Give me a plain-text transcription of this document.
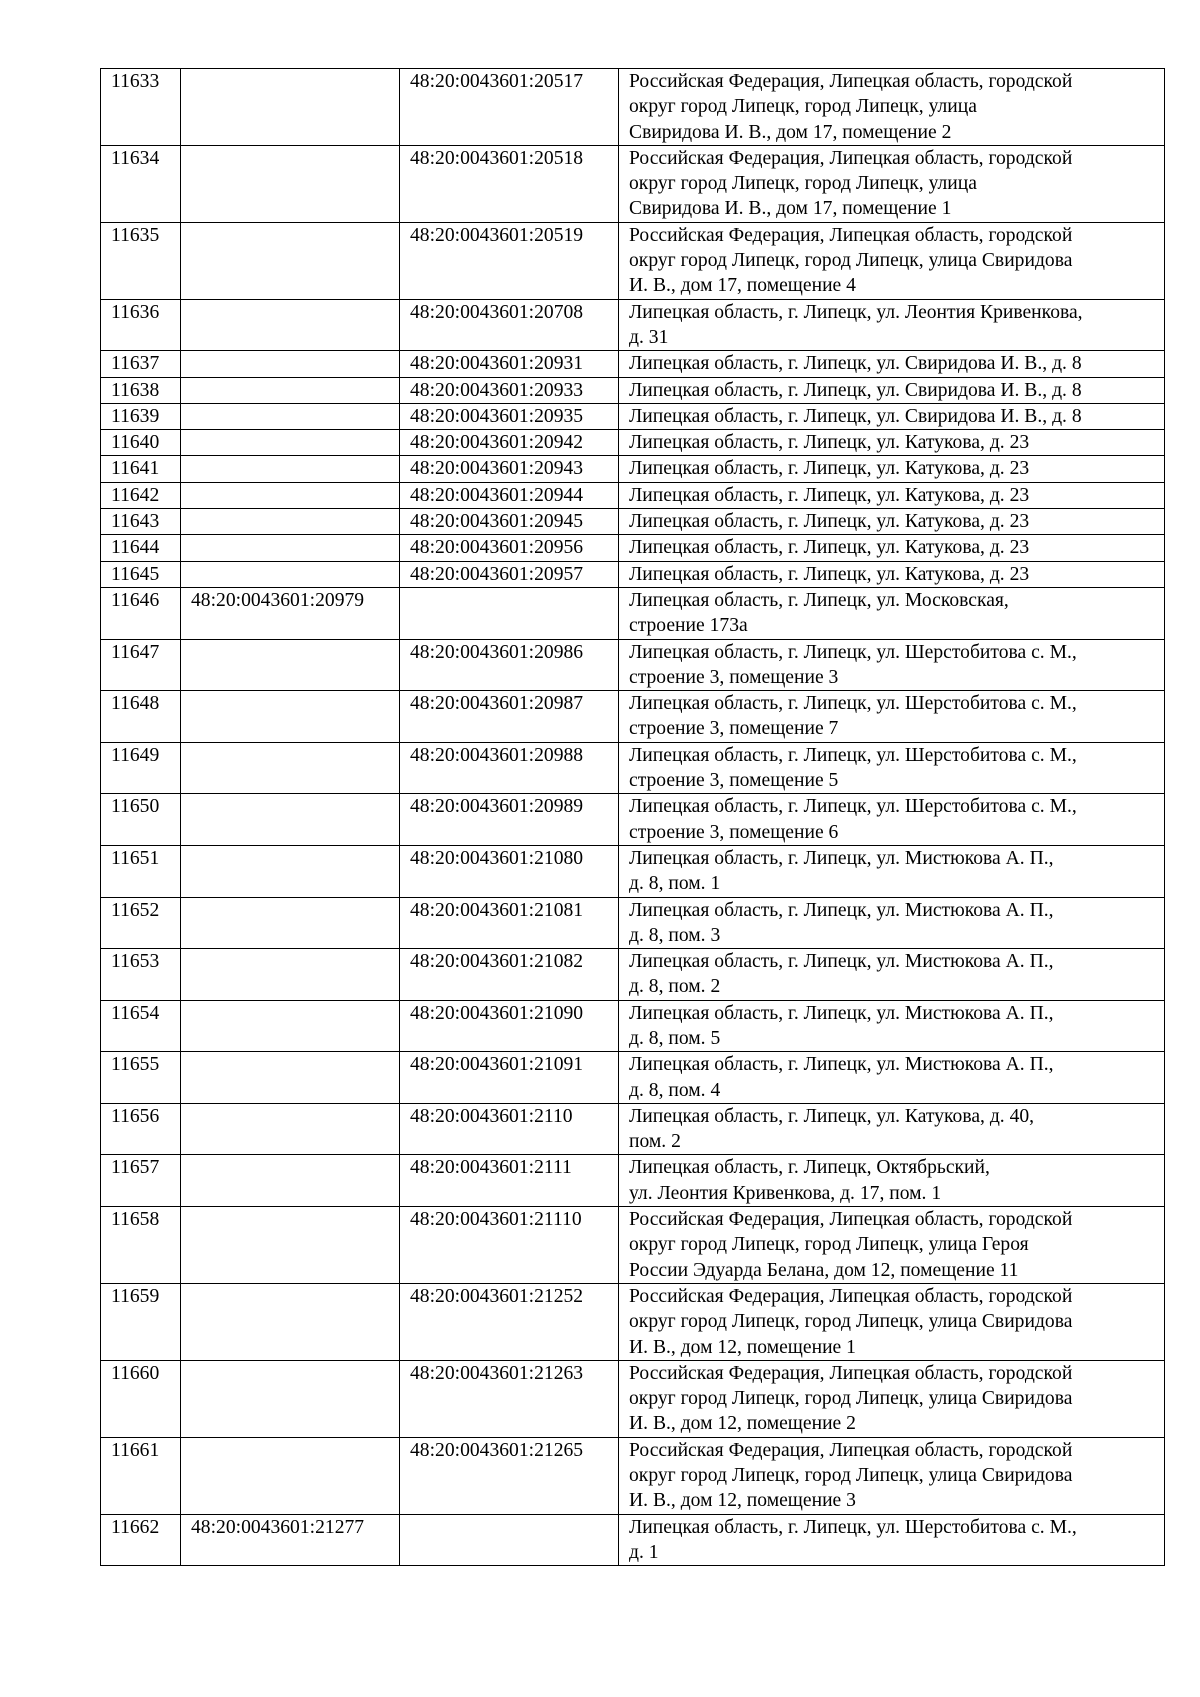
11633		48:20:0043601:20517	Российская Федерация, Липецкая область, городской
округ город Липецк, город Липецк, улица
Свиридова И. В., дом 17, помещение 2
11634		48:20:0043601:20518	Российская Федерация, Липецкая область, городской
округ город Липецк, город Липецк, улица
Свиридова И. В., дом 17, помещение 1
11635		48:20:0043601:20519	Российская Федерация, Липецкая область, городской
округ город Липецк, город Липецк, улица Свиридова
И. В., дом 17, помещение 4
11636		48:20:0043601:20708	Липецкая область, г. Липецк, ул. Леонтия Кривенкова,
д. 31
11637		48:20:0043601:20931	Липецкая область, г. Липецк, ул. Свиридова И. В., д. 8
11638		48:20:0043601:20933	Липецкая область, г. Липецк, ул. Свиридова И. В., д. 8
11639		48:20:0043601:20935	Липецкая область, г. Липецк, ул. Свиридова И. В., д. 8
11640		48:20:0043601:20942	Липецкая область, г. Липецк, ул. Катукова, д. 23
11641		48:20:0043601:20943	Липецкая область, г. Липецк, ул. Катукова, д. 23
11642		48:20:0043601:20944	Липецкая область, г. Липецк, ул. Катукова, д. 23
11643		48:20:0043601:20945	Липецкая область, г. Липецк, ул. Катукова, д. 23
11644		48:20:0043601:20956	Липецкая область, г. Липецк, ул. Катукова, д. 23
11645		48:20:0043601:20957	Липецкая область, г. Липецк, ул. Катукова, д. 23
11646	48:20:0043601:20979		Липецкая область, г. Липецк, ул. Московская,
строение 173а
11647		48:20:0043601:20986	Липецкая область, г. Липецк, ул. Шерстобитова с. М.,
строение 3, помещение 3
11648		48:20:0043601:20987	Липецкая область, г. Липецк, ул. Шерстобитова с. М.,
строение 3, помещение 7
11649		48:20:0043601:20988	Липецкая область, г. Липецк, ул. Шерстобитова с. М.,
строение 3, помещение 5
11650		48:20:0043601:20989	Липецкая область, г. Липецк, ул. Шерстобитова с. М.,
строение 3, помещение 6
11651		48:20:0043601:21080	Липецкая область, г. Липецк, ул. Мистюкова А. П.,
д. 8, пом. 1
11652		48:20:0043601:21081	Липецкая область, г. Липецк, ул. Мистюкова А. П.,
д. 8, пом. 3
11653		48:20:0043601:21082	Липецкая область, г. Липецк, ул. Мистюкова А. П.,
д. 8, пом. 2
11654		48:20:0043601:21090	Липецкая область, г. Липецк, ул. Мистюкова А. П.,
д. 8, пом. 5
11655		48:20:0043601:21091	Липецкая область, г. Липецк, ул. Мистюкова А. П.,
д. 8, пом. 4
11656		48:20:0043601:2110	Липецкая область, г. Липецк, ул. Катукова, д. 40,
пом. 2
11657		48:20:0043601:2111	Липецкая область, г. Липецк, Октябрьский,
ул. Леонтия Кривенкова, д. 17, пом. 1
11658		48:20:0043601:21110	Российская Федерация, Липецкая область, городской
округ город Липецк, город Липецк, улица Героя
России Эдуарда Белана, дом 12, помещение 11
11659		48:20:0043601:21252	Российская Федерация, Липецкая область, городской
округ город Липецк, город Липецк, улица Свиридова
И. В., дом 12, помещение 1
11660		48:20:0043601:21263	Российская Федерация, Липецкая область, городской
округ город Липецк, город Липецк, улица Свиридова
И. В., дом 12, помещение 2
11661		48:20:0043601:21265	Российская Федерация, Липецкая область, городской
округ город Липецк, город Липецк, улица Свиридова
И. В., дом 12, помещение 3
11662	48:20:0043601:21277		Липецкая область, г. Липецк, ул. Шерстобитова с. М.,
д. 1
